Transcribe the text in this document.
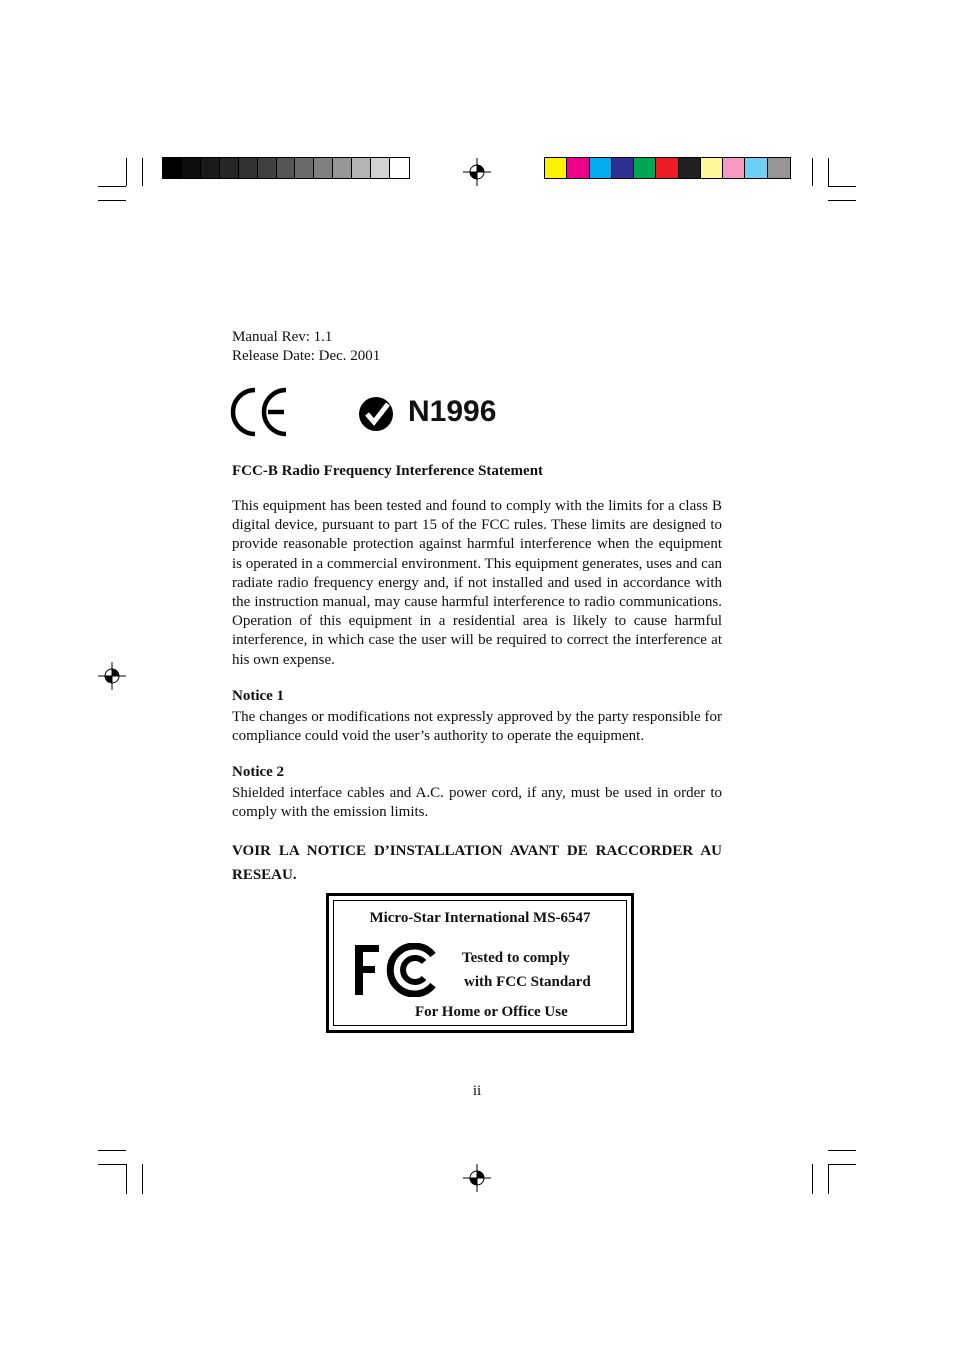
Manual Rev: 1.1
Release Date: Dec. 2001
N1996
FCC-B Radio Frequency Interference Statement
This equipment has been tested and found to comply with the limits for a class B digital device, pursuant to part 15 of the FCC rules. These limits are designed to provide reasonable protection against harmful interference when the equipment is operated in a commercial environment. This equipment generates, uses and can radiate radio frequency energy and, if not installed and used in accordance with the instruction manual, may cause harmful interference to radio communications. Operation of this equipment in a residential area is likely to cause harmful interference, in which case the user will be required to correct the interference at his own expense.
Notice 1
The changes or modifications not expressly approved by the party responsible for compliance could void the user’s authority to operate the equipment.
Notice 2
Shielded interface cables and A.C. power cord, if any, must be used in order to comply with the emission limits.
VOIR LA NOTICE D’INSTALLATION AVANT DE RACCORDER AU
RESEAU.
Micro-Star International MS-6547
Tested to comply
with FCC Standard
For Home or Office Use
ii
